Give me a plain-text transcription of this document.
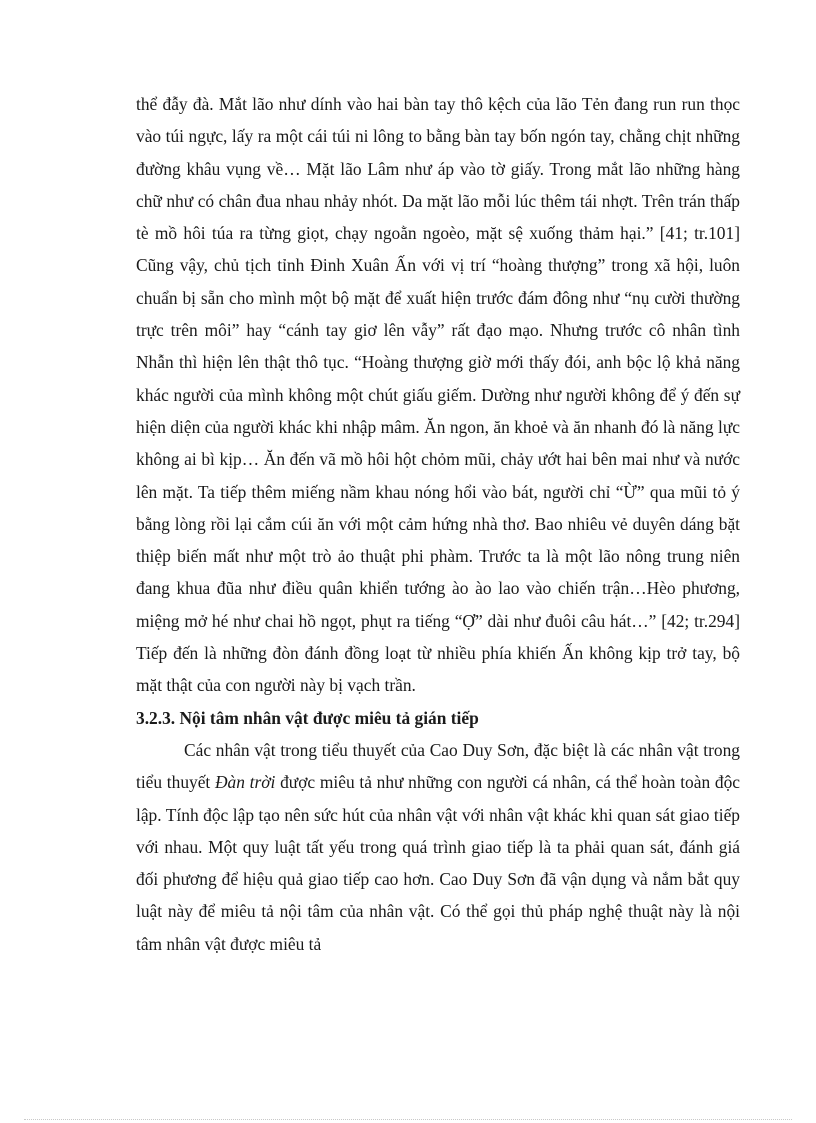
thể đẫy đà. Mắt lão như dính vào hai bàn tay thô kệch của lão Tẻn đang run run thọc vào túi ngực, lấy ra một cái túi ni lông to bằng bàn tay bốn ngón tay, chằng chịt những đường khâu vụng về… Mặt lão Lâm như áp vào tờ giấy. Trong mắt lão những hàng chữ như có chân đua nhau nhảy nhót. Da mặt lão mỗi lúc thêm tái nhợt. Trên trán thấp tè mồ hôi túa ra từng giọt, chạy ngoằn ngoèo, mặt sệ xuống thảm hại.” [41; tr.101] Cũng vậy, chủ tịch tỉnh Đinh Xuân Ấn với vị trí “hoàng thượng” trong xã hội, luôn chuẩn bị sẵn cho mình một bộ mặt để xuất hiện trước đám đông như “nụ cười thường trực trên môi” hay “cánh tay giơ lên vẫy” rất đạo mạo. Nhưng trước cô nhân tình Nhẫn thì hiện lên thật thô tục. “Hoàng thượng giờ mới thấy đói, anh bộc lộ khả năng khác người của mình không một chút giấu giếm. Dường như người không để ý đến sự hiện diện của người khác khi nhập mâm. Ăn ngon, ăn khoẻ và ăn nhanh đó là năng lực không ai bì kịp… Ăn đến vã mồ hôi hột chỏm mũi, chảy ướt hai bên mai như và nước lên mặt. Ta tiếp thêm miếng nầm khau nóng hổi vào bát, người chỉ “Ừ” qua mũi tỏ ý bằng lòng rồi lại cắm cúi ăn với một cảm hứng nhà thơ. Bao nhiêu vẻ duyên dáng bặt thiệp biến mất như một trò ảo thuật phi phàm. Trước ta là một lão nông trung niên đang khua đũa như điều quân khiển tướng ào ào lao vào chiến trận…Hèo phương, miệng mở hé như chai hồ ngọt, phụt ra tiếng “Ợ” dài như đuôi câu hát…” [42; tr.294] Tiếp đến là những đòn đánh đồng loạt từ nhiều phía khiến Ấn không kịp trở tay, bộ mặt thật của con người này bị vạch trần.

3.2.3. Nội tâm nhân vật được miêu tả gián tiếp

Các nhân vật trong tiểu thuyết của Cao Duy Sơn, đặc biệt là các nhân vật trong tiểu thuyết Đàn trời được miêu tả như những con người cá nhân, cá thể hoàn toàn độc lập. Tính độc lập tạo nên sức hút của nhân vật với nhân vật khác khi quan sát giao tiếp với nhau. Một quy luật tất yếu trong quá trình giao tiếp là ta phải quan sát, đánh giá đối phương để hiệu quả giao tiếp cao hơn. Cao Duy Sơn đã vận dụng và nắm bắt quy luật này để miêu tả nội tâm của nhân vật. Có thể gọi thủ pháp nghệ thuật này là nội tâm nhân vật được miêu tả
